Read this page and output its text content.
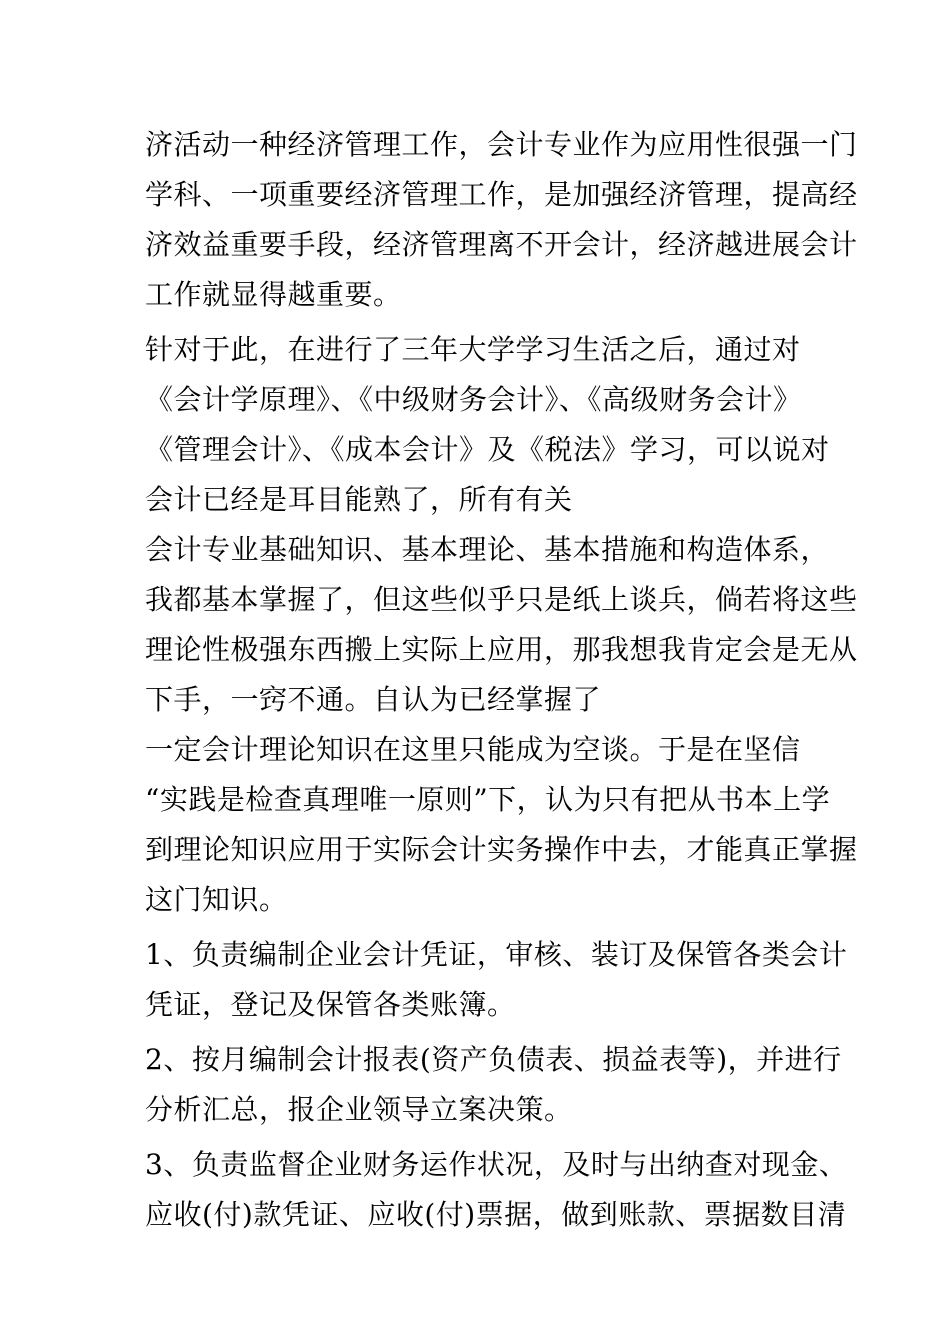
济活动一种经济管理工作，会计专业作为应用性很强一门
学科、一项重要经济管理工作，是加强经济管理，提高经
济效益重要手段，经济管理离不开会计，经济越进展会计
工作就显得越重要。
针对于此，在进行了三年大学学习生活之后，通过对
《会计学原理》、《中级财务会计》、《高级财务会计》
《管理会计》、《成本会计》及《税法》学习，可以说对
会计已经是耳目能熟了，所有有关
会计专业基础知识、基本理论、基本措施和构造体系，
我都基本掌握了，但这些似乎只是纸上谈兵，倘若将这些
理论性极强东西搬上实际上应用，那我想我肯定会是无从
下手，一窍不通。自认为已经掌握了
一定会计理论知识在这里只能成为空谈。于是在坚信
“实践是检查真理唯一原则”下，认为只有把从书本上学
到理论知识应用于实际会计实务操作中去，才能真正掌握
这门知识。
1、负责编制企业会计凭证，审核、装订及保管各类会计
凭证，登记及保管各类账簿。
2、按月编制会计报表(资产负债表、损益表等)，并进行
分析汇总，报企业领导立案决策。
3、负责监督企业财务运作状况，及时与出纳查对现金、
应收(付)款凭证、应收(付)票据，做到账款、票据数目清
